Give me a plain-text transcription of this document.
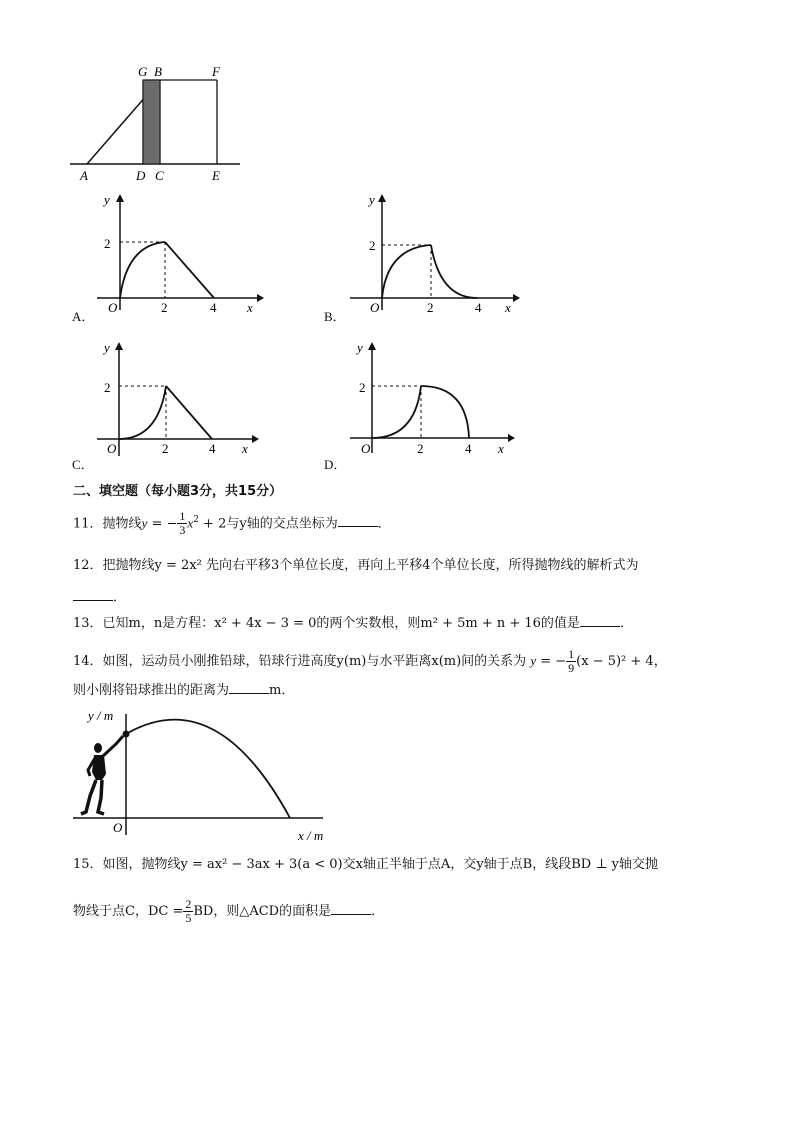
G B	F
A	D C	E
A．
y
2
O	2	4 x
B．
y
2
O	2	4 x
C．
y
2
O	2	4 x
D．
y
2
O	2	4 x
二、填空题（每小题3分，共15分）
11．抛物线y = − $\frac{1}{3} x^2 + 2$与y轴的交点坐标为	．
12．把抛物线y = 2x² 先向右平移3个单位长度，再向上平移4个单位长度，所得抛物线的解析式为
．
13．已知m，n是方程：x² + 4x − 3 = 0的两个实数根，则m² + 5m + n + 16的值是	．
14．如图，运动员小刚推铅球，铅球行进高度y(m)与水平距离x(m)间的关系为 y = − $\frac{1}{9} (x - 5)^2 + 4$，
则小刚将铅球推出的距离为	m．
y / m
O
x / m
15．如图，抛物线y = ax² − 3ax + 3(a < 0)交x轴正半轴于点A，交y轴于点B，线段BD ⊥ y轴交抛
物线于点C，DC = $\frac{2}{5}$ BD，则△ACD的面积是	．
